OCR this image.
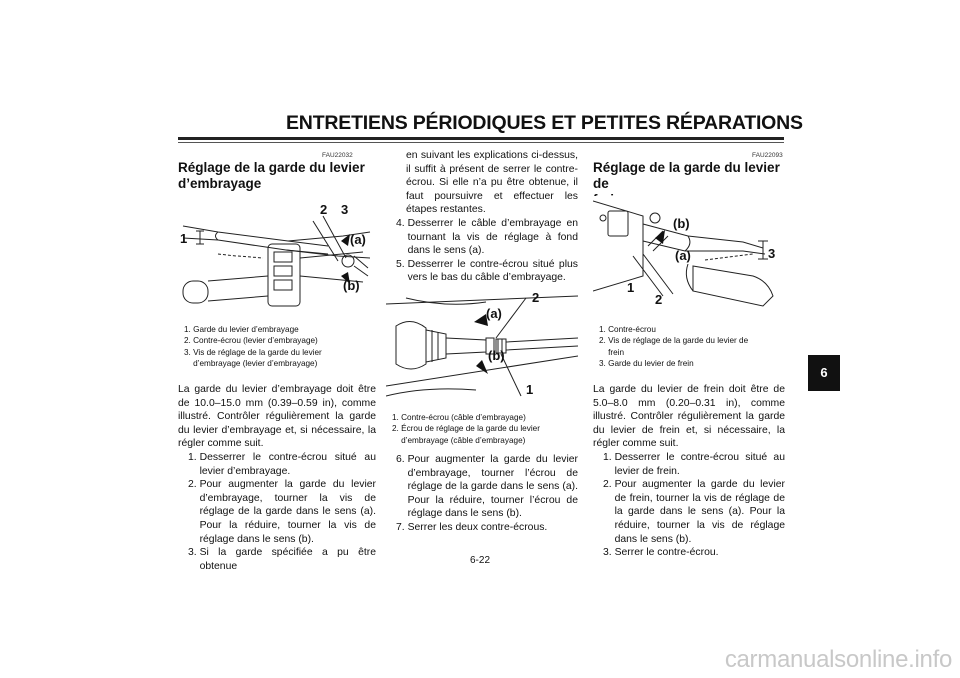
ENTRETIENS PÉRIODIQUES ET PETITES RÉPARATIONS
FAU22032
Réglage de la garde du levier
d’embrayage
1
2 3
(a)
(b)
1. Garde du levier d’embrayage
2. Contre-écrou (levier d’embrayage)
3. Vis de réglage de la garde du levier
d’embrayage (levier d’embrayage)

La garde du levier d’embrayage doit être de 10.0–15.0 mm (0.39–0.59 in), comme illustré. Contrôler régulièrement la garde du levier d’embrayage et, si nécessaire, la régler comme suit.

1. Desserrer le contre-écrou situé au levier d’embrayage.
2. Pour augmenter la garde du levier d’embrayage, tourner la vis de réglage de la garde dans le sens (a). Pour la réduire, tourner la vis de réglage dans le sens (b).
3. Si la garde spécifiée a pu être obtenue

en suivant les explications ci-dessus, il suffit à présent de serrer le contre-écrou. Si elle n’a pu être obtenue, il faut poursuivre et effectuer les étapes restantes.

4. Desserrer le câble d’embrayage en tournant la vis de réglage à fond dans le sens (a).
5. Desserrer le contre-écrou situé plus vers le bas du câble d’embrayage.
2
(a)
(b)
1
1. Contre-écrou (câble d’embrayage)
2. Écrou de réglage de la garde du levier
d’embrayage (câble d’embrayage)
6. Pour augmenter la garde du levier d’embrayage, tourner l’écrou de réglage de la garde dans le sens (a). Pour la réduire, tourner l’écrou de réglage dans le sens (b).
7. Serrer les deux contre-écrous.
FAU22093
Réglage de la garde du levier de
frein
(b)
(a)	3
1
2
1. Contre-écrou
2. Vis de réglage de la garde du levier de
frein
3. Garde du levier de frein

La garde du levier de frein doit être de 5.0–8.0 mm (0.20–0.31 in), comme illustré. Contrôler régulièrement la garde du levier de frein et, si nécessaire, la régler comme suit.

1. Desserrer le contre-écrou situé au levier de frein.
2. Pour augmenter la garde du levier de frein, tourner la vis de réglage de la garde dans le sens (a). Pour la réduire, tourner la vis de réglage dans le sens (b).
3. Serrer le contre-écrou.
6
6-22
carmanualsonline.info
